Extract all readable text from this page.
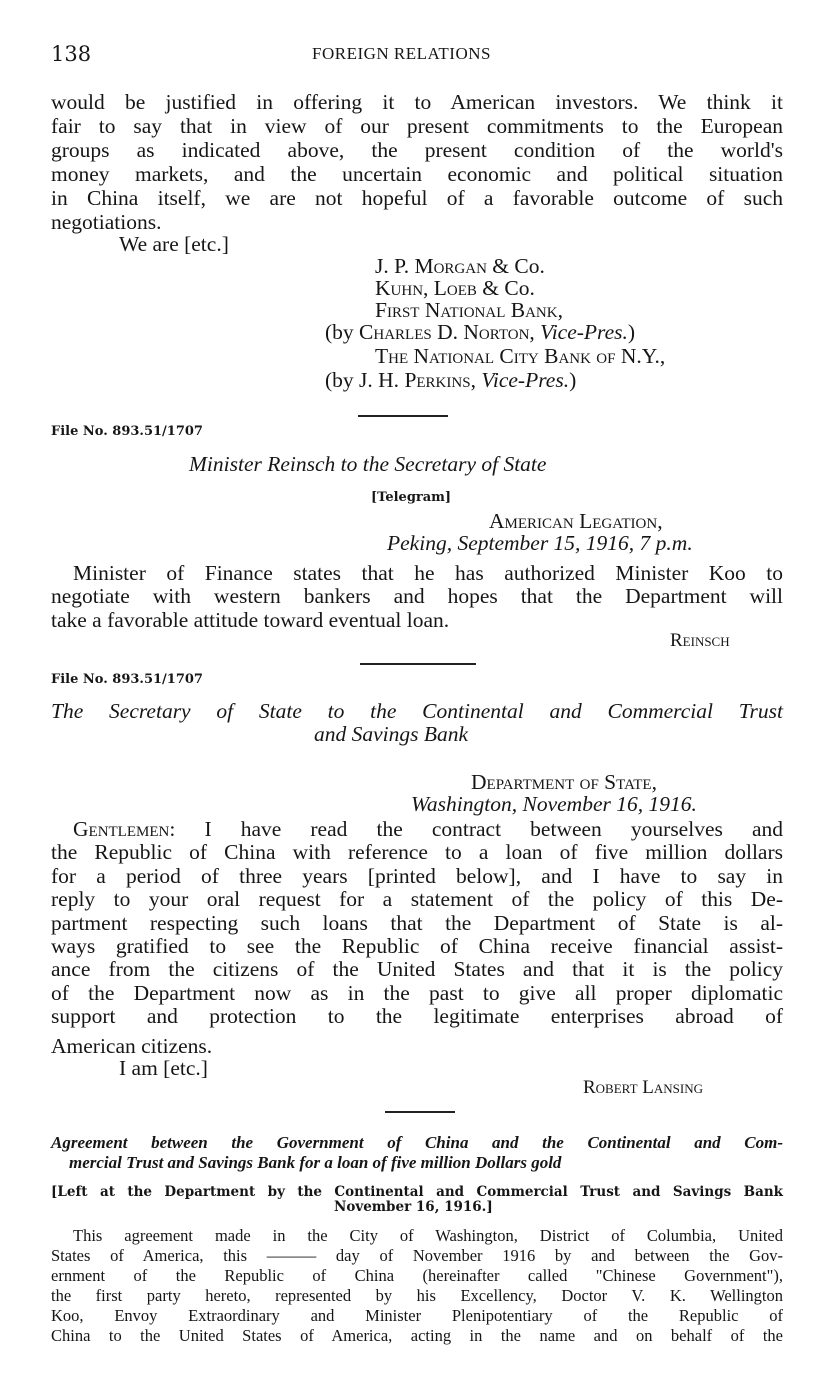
138	FOREIGN RELATIONS
would be justified in offering it to American investors. We think it
fair to say that in view of our present commitments to the European
groups as indicated above, the present condition of the world's
money markets, and the uncertain economic and political situation
in China itself, we are not hopeful of a favorable outcome of such
negotiations.
We are [etc.]
J. P. Morgan & Co.
Kuhn, Loeb & Co.
First National Bank,
(by Charles D. Norton, Vice-Pres.)
The National City Bank of N.Y.,
(by J. H. Perkins, Vice-Pres.)
File No. 893.51/1707
Minister Reinsch to the Secretary of State
[Telegram]
American Legation,
Peking, September 15, 1916, 7 p.m.
Minister of Finance states that he has authorized Minister Koo to
negotiate with western bankers and hopes that the Department will
take a favorable attitude toward eventual loan.
Reinsch
File No. 893.51/1707
The Secretary of State to the Continental and Commercial Trust
and Savings Bank
Department of State,
Washington, November 16, 1916.
Gentlemen: I have read the contract between yourselves and
the Republic of China with reference to a loan of five million dollars
for a period of three years [printed below], and I have to say in
reply to your oral request for a statement of the policy of this De-
partment respecting such loans that the Department of State is al-
ways gratified to see the Republic of China receive financial assist-
ance from the citizens of the United States and that it is the policy
of the Department now as in the past to give all proper diplomatic
support and protection to the legitimate enterprises abroad of
American citizens.
I am [etc.]
Robert Lansing
Agreement between the Government of China and the Continental and Com-
mercial Trust and Savings Bank for a loan of five million Dollars gold
[Left at the Department by the Continental and Commercial Trust and Savings Bank
November 16, 1916.]
This agreement made in the City of Washington, District of Columbia, United
States of America, this ——— day of November 1916 by and between the Gov-
ernment of the Republic of China (hereinafter called "Chinese Government"),
the first party hereto, represented by his Excellency, Doctor V. K. Wellington
Koo, Envoy Extraordinary and Minister Plenipotentiary of the Republic of
China to the United States of America, acting in the name and on behalf of the
